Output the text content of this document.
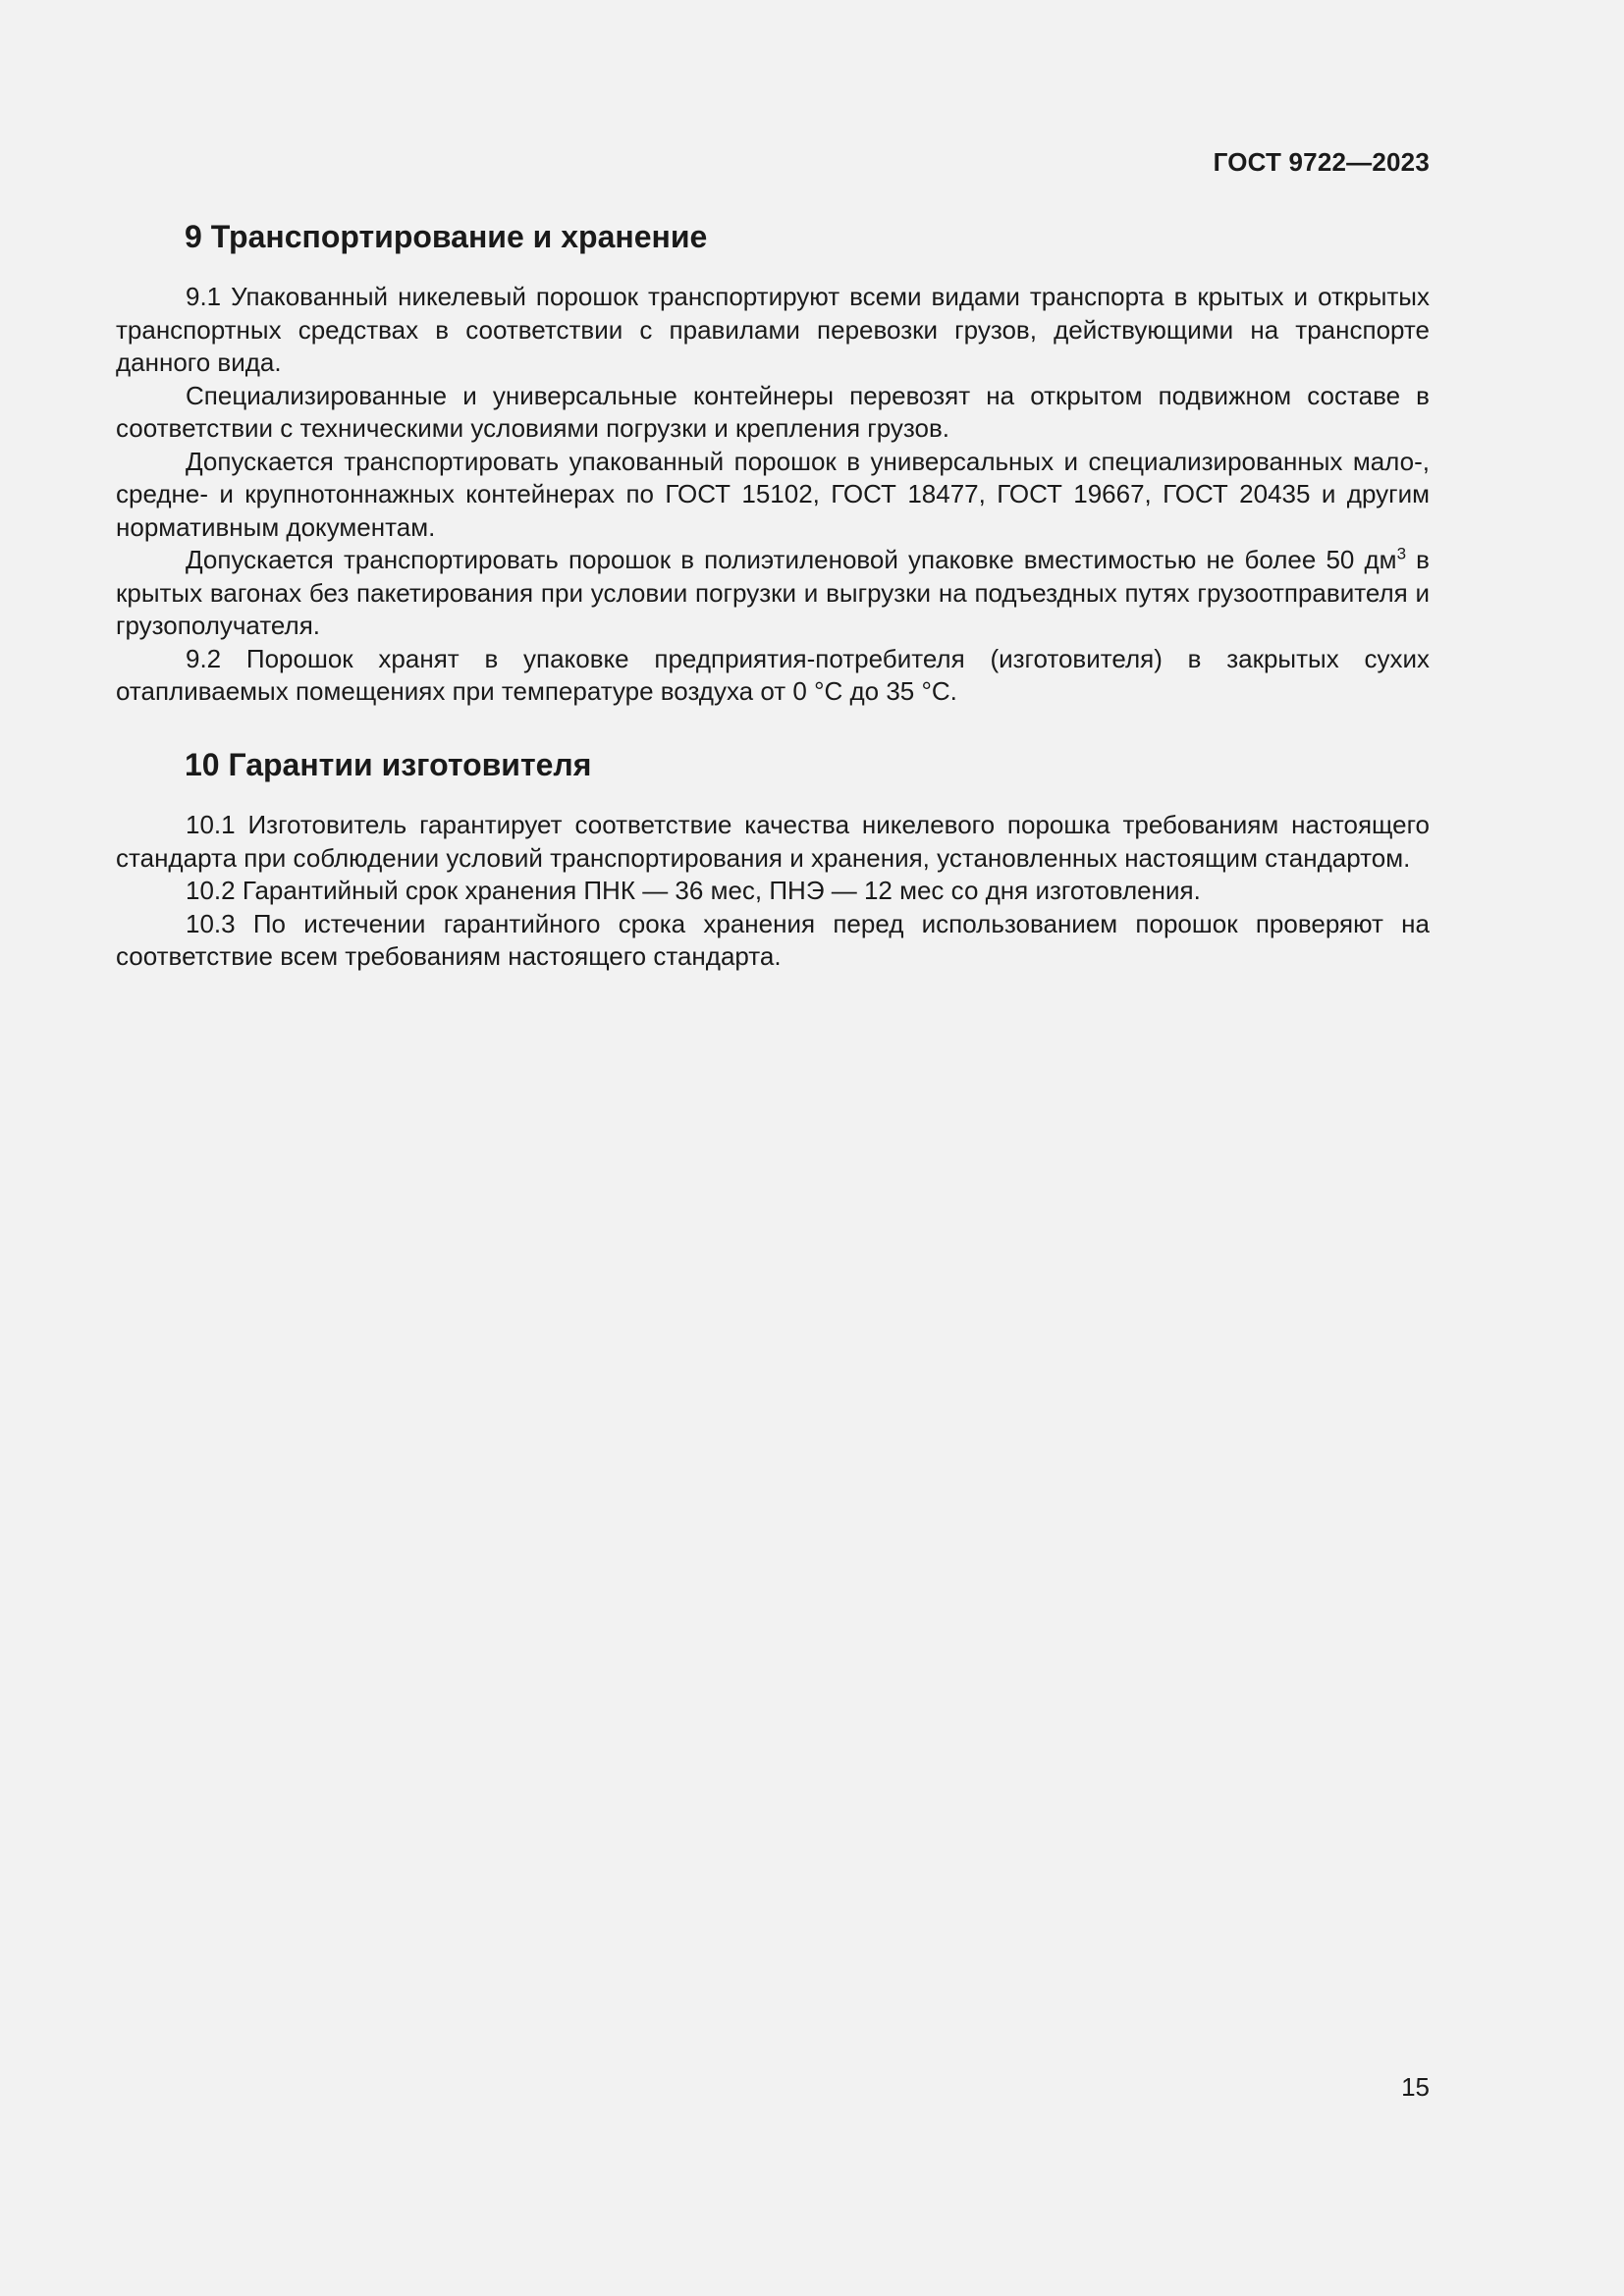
ГОСТ 9722—2023
9 Транспортирование и хранение

9.1 Упакованный никелевый порошок транспортируют всеми видами транспорта в крытых и открытых транспортных средствах в соответствии с правилами перевозки грузов, действующими на транспорте данного вида.

Специализированные и универсальные контейнеры перевозят на открытом подвижном составе в соответствии с техническими условиями погрузки и крепления грузов.

Допускается транспортировать упакованный порошок в универсальных и специализированных мало-, средне- и крупнотоннажных контейнерах по ГОСТ 15102, ГОСТ 18477, ГОСТ 19667, ГОСТ 20435 и другим нормативным документам.

Допускается транспортировать порошок в полиэтиленовой упаковке вместимостью не более 50 $дм^3$ в крытых вагонах без пакетирования при условии погрузки и выгрузки на подъездных путях грузоотправителя и грузополучателя.

9.2 Порошок хранят в упаковке предприятия-потребителя (изготовителя) в закрытых сухих отапливаемых помещениях при температуре воздуха от 0 °С до 35 °С.

10 Гарантии изготовителя

10.1 Изготовитель гарантирует соответствие качества никелевого порошка требованиям настоящего стандарта при соблюдении условий транспортирования и хранения, установленных настоящим стандартом.

10.2 Гарантийный срок хранения ПНК — 36 мес, ПНЭ — 12 мес со дня изготовления.

10.3 По истечении гарантийного срока хранения перед использованием порошок проверяют на соответствие всем требованиям настоящего стандарта.

15
